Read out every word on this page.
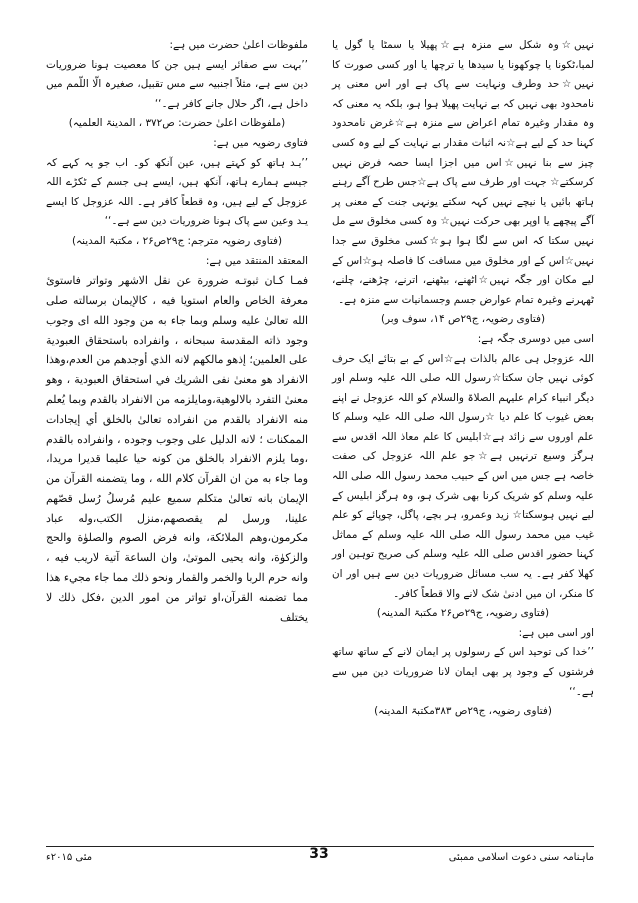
نہیں☆وہ شکل سے منزہ ہے☆پھیلا یا سمٹا یا گول یا لمبا،ٹکونا یا چوکھونا یا سیدھا یا ترچھا یا اور کسی صورت کا نہیں☆حد وطرف ونہایت سے پاک ہے اور اس معنی پر نامحدود بھی نہیں کہ بے نہایت پھیلا ہوا ہو، بلکہ یہ معنی کہ وہ مقدار وغیرہ تمام اعراض سے منزہ ہے☆غرض نامحدود کہنا حد کے لیے ہے☆نہ اثبات مقدار بے نہایت کے لیے وہ کسی چیز سے بنا نہیں☆اس میں اجزا ایسا حصہ فرض نہیں کرسکتے☆ جہت اور طرف سے پاک ہے☆جس طرح آگے رہنے ہاتھ بائیں یا نیچے نہیں کہہ سکتے یونہی جنت کے معنی پر آگے پیچھے یا اوپر بھی حرکت نہیں☆ وہ کسی مخلوق سے مل نہیں سکتا کہ اس سے لگا ہوا ہو☆کسی مخلوق سے جدا نہیں☆اس کے اور مخلوق میں مسافت کا فاصلہ ہو☆اس کے لیے مکان اور جگہ نہیں☆اٹھنے، بیٹھنے، اترنے، چڑھنے، چلنے، ٹھہرنے وغیرہ تمام عوارض جسم وجسمانیات سے منزہ ہے۔

(فتاوی رضویہ، ج۲۹ص ۱۴، سوف وبر)

اسی میں دوسری جگہ ہے:

اللہ عزوجل ہی عالم بالذات ہے☆اس کے بے بتائے ایک حرف کوئی نہیں جان سکتا☆رسول اللہ صلی اللہ علیہ وسلم اور دیگر انبیاء کرام علیہم الصلاۃ والسلام کو اللہ عزوجل نے اپنے بعض غیوب کا علم دیا ☆رسول اللہ صلی اللہ علیہ وسلم کا علم اوروں سے زائد ہے☆ابلیس کا علم معاذ اللہ اقدس سے ہرگز وسیع ترنہیں ہے☆جو علم اللہ عزوجل کی صفت خاصہ ہے جس میں اس کے حبیب محمد رسول اللہ صلی اللہ علیہ وسلم کو شریک کرنا بھی شرک ہو، وہ ہرگز ابلیس کے لیے نہیں ہوسکتا☆ زید وعمرو، ہر بچے، پاگل، چوپائے کو علم غیب میں محمد رسول اللہ صلی اللہ علیہ وسلم کے مماثل کہنا حضور اقدس صلی اللہ علیہ وسلم کی صریح توہین اور کھلا کفر ہے۔ یہ سب مسائل ضروریات دین سے ہیں اور ان کا منکر، ان میں ادنیٰ شک لانے والا قطعاً کافر۔

(فتاوی رضویہ، ج۲۹ص۲۶ مکتبۃ المدینہ)

اور اسی میں ہے:

’’خدا کی توحید اس کے رسولوں پر ایمان لانے کے ساتھ ساتھ فرشتوں کے وجود پر بھی ایمان لانا ضروریات دین میں سے ہے۔‘‘

(فتاوی رضویہ، ج۲۹ص ۳۸۳مکتبۃ المدینہ)

ملفوظات اعلیٰ حضرت میں ہے:

’’بہت سے صفائر ایسے ہیں جن کا معصیت ہونا ضروریات دین سے ہے، مثلاً اجنبیہ سے مس تقبیل، صغیرہ الّا اللّمم میں داخل ہے، اگر حلال جانے کافر ہے۔‘‘

(ملفوظات اعلیٰ حضرت: ص۳۷۲ ، المدینۃ العلمیہ)

فتاوی رضویہ میں ہے:

’’یـد ہاتھ کو کہتے ہیں، عین آنکھ کو۔ اب جو یہ کہے کہ جیسے ہمارے ہاتھ، آنکھ ہیں، ایسے ہی جسم کے ٹکڑے اللہ عزوجل کے لیے ہیں، وہ قطعاً کافر ہے۔ اللہ عزوجل کا ایسے یـد وعین سے پاک ہونا ضروریات دین سے ہے۔‘‘

(فتاوی رضویہ مترجم: ج۲۹ص۲۶ ، مکتبۃ المدینہ)

المعتقد المنتقد میں ہے:

فمـا كـان ثبوتـه ضرورة عن نقل الاشهر وتواتر فاستوئ معرفة الخاص والعام استويا فيه ، كالإيمان برسالته صلى الله تعالىٰ عليه وسلم وبما جاء به من وجود الله اى وجوب وجود ذاته المقدسة سبحانه ، وانفراده باستحقاق العبودية على العلمين؛ إذهو مالكهم لانه الذي أوجدهم من العدم،وهذا الانفراد هو معنىٰ نفى الشريك في استحقاق العبودية ، وهو معنىٰ التفرد بالالوهية،ومايلزمه من الانفراد بالقدم وبما يُعلم منه الانفراد بالقدم من انفراده تعالىٰ بالخلق أي إيجادات الممكنات ؛ لانه الدليل على وجوب وجوده ، وانفراده بالقدم ،وما يلزم الانفراد بالخلق من كونه حيا عليما قديرا مريدا، وما جاء به من ان القرآن كلام الله ، وما يتضمنه القرآن من الإيمان بانه تعالىٰ متكلم سميع عليم مُرسلُ رُسل قصّهم علينا، ورسل لم يقصصهم،منزل الكتب،وله عباد مكرمون،وهم الملائكة، وانه فرض الصوم والصلوٰة والحج والزكوٰة، وانه يحيى الموتىٰ، وان الساعة آتية لاريب فيه ، وانه حرم الربا والخمر والقمار ونحو ذلك مما جاء مجيء هذا مما تضمنه القرآن،او تواتر من امور الدين ،فكل ذلك لا يختلف

مئی ۲۰۱۵ء	33	ماہنامہ سنی دعوت اسلامی ممبئی
